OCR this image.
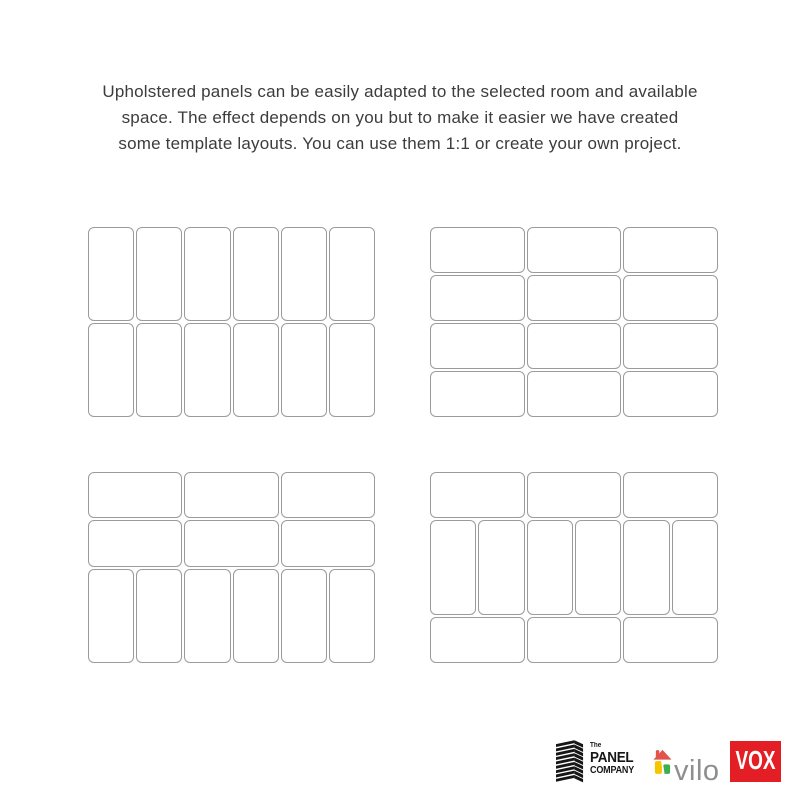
Upholstered panels can be easily adapted to the selected room and available
space. The effect depends on you but to make it easier we have created
some template layouts. You can use them 1:1 or create your own project.
The
PANEL
COMPANY vilo VOX
